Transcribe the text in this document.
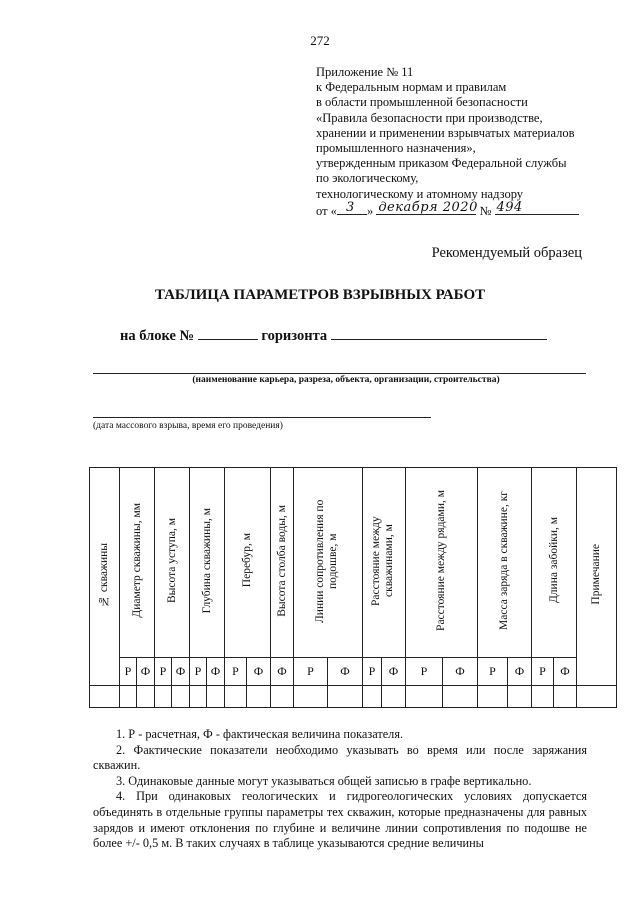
272
Приложение № 11
к Федеральным нормам и правилам
в области промышленной безопасности
«Правила безопасности при производстве,
хранении и применении взрывчатых материалов
промышленного назначения»,
утвержденным приказом Федеральной службы
по экологическому,
технологическому и атомному надзору
от « 3 » декабря 2020 № 494
Рекомендуемый образец
ТАБЛИЦА ПАРАМЕТРОВ ВЗРЫВНЫХ РАБОТ
на блоке №	горизонта
(наименование карьера, разреза, объекта, организации, строительства)
(дата массового взрыва, время его проведения)
№ скважины	Диаметр скважины, мм		Высота уступа, м		Глубина скважины, м		Перебур, м		Высота столба воды, м	Линии сопротивления по подошве, м		Расстояние между скважинами, м		Расстояние между рядами, м		Масса заряда в скважине, кг		Длина забойки, м		Примечание
	Р	Ф	Р	Ф	Р	Ф	Р	Ф	Ф	Р	Ф	Р	Ф	Р	Ф	Р	Ф	Р	Ф	

1. Р - расчетная, Ф - фактическая величина показателя.

2. Фактические показатели необходимо указывать во время или после заряжания скважин.

3. Одинаковые данные могут указываться общей записью в графе вертикально.

4. При одинаковых геологических и гидрогеологических условиях допускается объединять в отдельные группы параметры тех скважин, которые предназначены для равных зарядов и имеют отклонения по глубине и величине линии сопротивления по подошве не более +/- 0,5 м. В таких случаях в таблице указываются средние величины
